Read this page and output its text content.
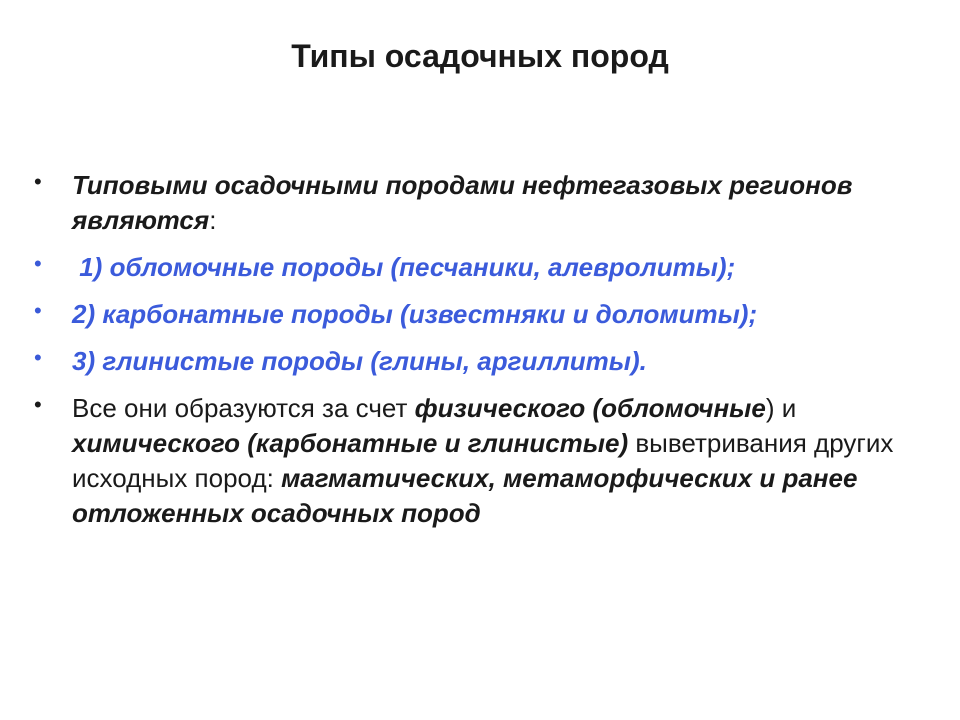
Типы осадочных пород
• Типовыми осадочными породами нефтегазовых регионов являются:
• 1) обломочные породы (песчаники, алевролиты);
• 2) карбонатные породы (известняки и доломиты);
• 3) глинистые породы (глины, аргиллиты).
• Все они образуются за счет физического (обломочные) и химического (карбонатные и глинистые) выветривания других исходных пород: магматических, метаморфических и ранее отложенных осадочных пород
